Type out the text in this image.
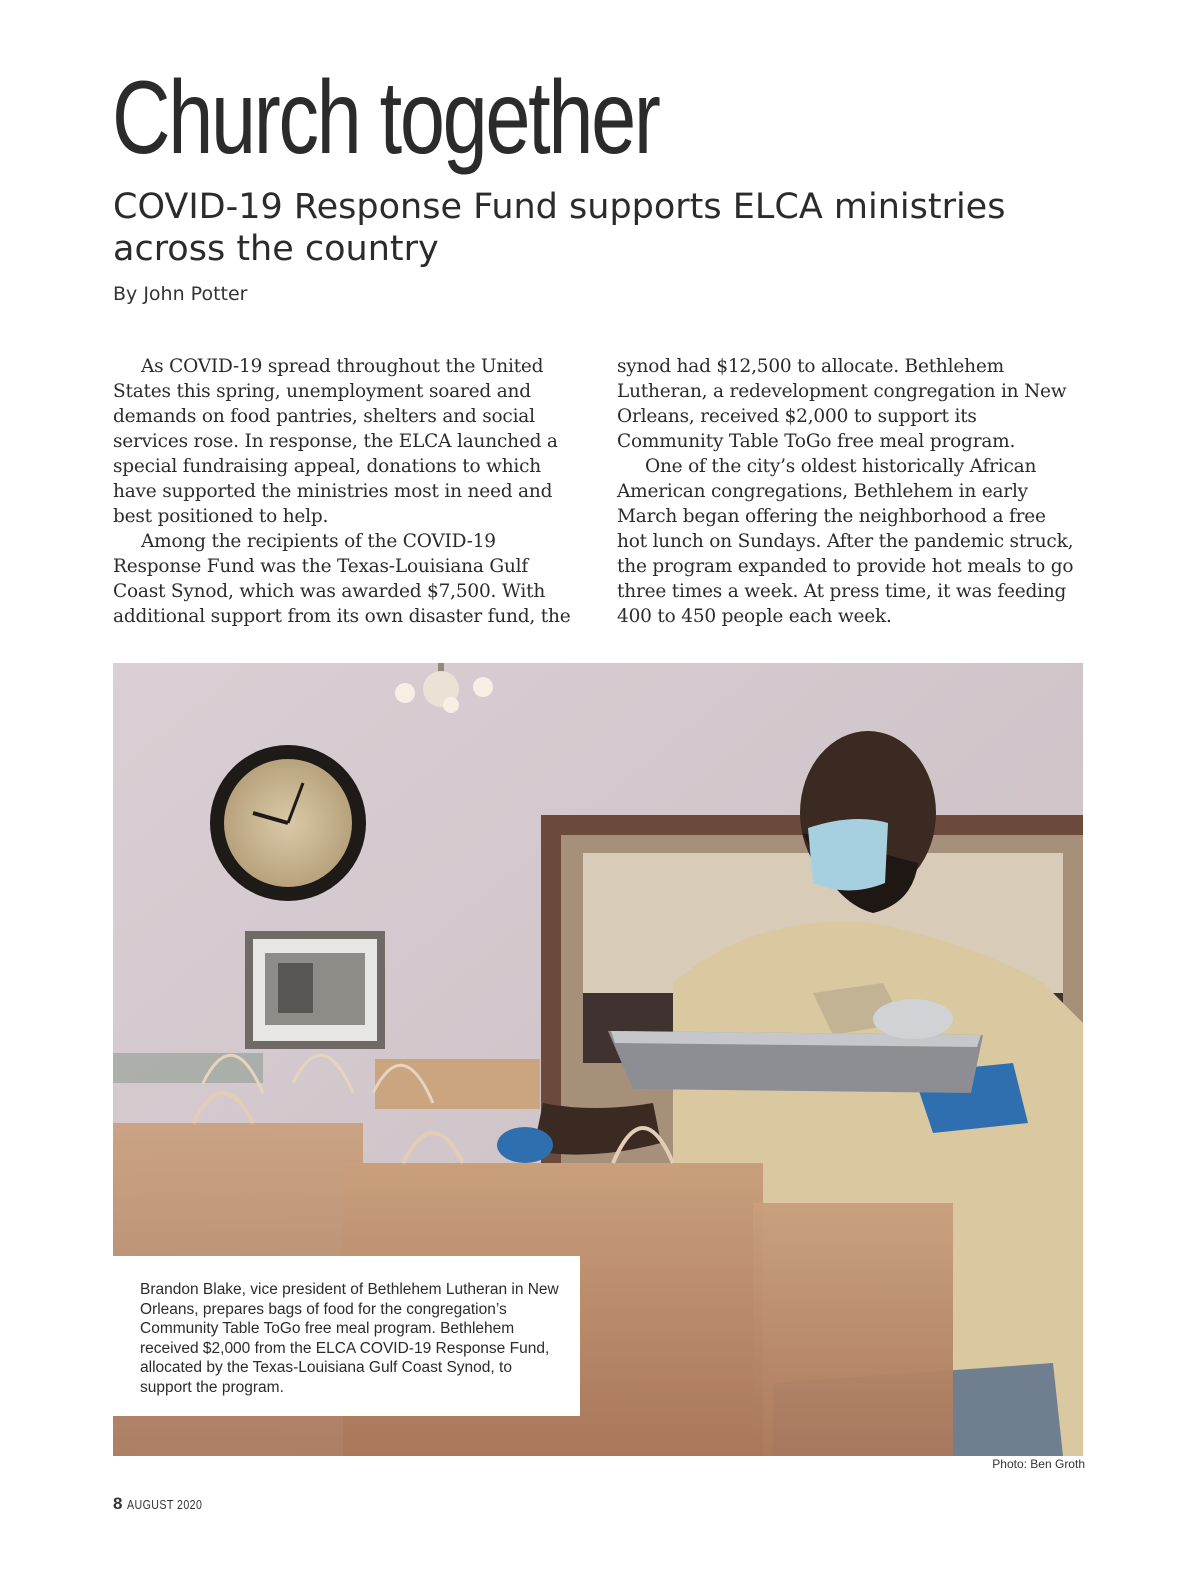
Church together
COVID-19 Response Fund supports ELCA ministries across the country
By John Potter

As COVID-19 spread throughout the United States this spring, unemployment soared and demands on food pantries, shelters and social services rose. In response, the ELCA launched a special fundraising appeal, donations to which have supported the ministries most in need and best positioned to help.

Among the recipients of the COVID-19 Response Fund was the Texas-Louisiana Gulf Coast Synod, which was awarded $7,500. With additional support from its own disaster fund, the

synod had $12,500 to allocate. Bethlehem Lutheran, a redevelopment congregation in New Orleans, received $2,000 to support its Community Table ToGo free meal program.

One of the city’s oldest historically African American congregations, Bethlehem in early March began offering the neighborhood a free hot lunch on Sundays. After the pandemic struck, the program expanded to provide hot meals to go three times a week. At press time, it was feeding 400 to 450 people each week.

Brandon Blake, vice president of Bethlehem Lutheran in New Orleans, prepares bags of food for the congregation’s Community Table ToGo free meal program. Bethlehem received $2,000 from the ELCA COVID-19 Response Fund, allocated by the Texas-Louisiana Gulf Coast Synod, to support the program.
Photo: Ben Groth
8 AUGUST 2020
